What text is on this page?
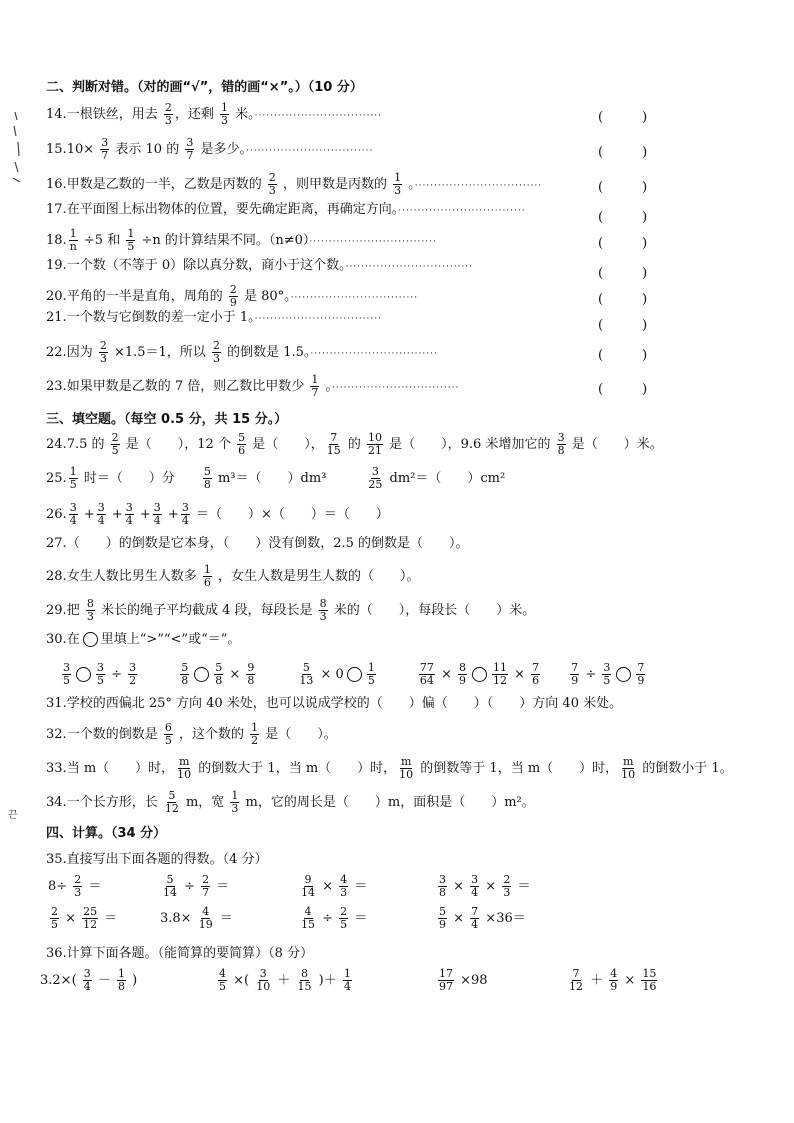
끈
二、判断对错。（对的画“√”，错的画“×”。）（10 分）
14.一根铁丝，用去 $\frac{2}{3}$ ，还剩 $\frac{1}{3}$ 米。·································	(　　　)
$15.10\times \frac{3}{7}$ 表示 10 的 $\frac{3}{7}$ 是多少。·································	(　　　)
16.甲数是乙数的一半，乙数是丙数的 $\frac{2}{3}$ ，则甲数是丙数的 $\frac{1}{3}$ 。·································	(　　　)
17.在平面图上标出物体的位置，要先确定距离，再确定方向。·································	(　　　)
18. $\frac{1}{n} \div 5$ 和 $\frac{1}{5} \div n$ 的计算结果不同。（n≠0）·································	(　　　)
19.一个数（不等于 0）除以真分数，商小于这个数。·································	(　　　)
20.平角的一半是直角，周角的 $\frac{2}{9}$ 是 80°。·································	(　　　)
21.一个数与它倒数的差一定小于 1。·································	(　　　)
22.因为 $\frac{2}{3} \times 1.5=1$，所以 $\frac{2}{3}$ 的倒数是 1.5。·································	(　　　)
23.如果甲数是乙数的 7 倍，则乙数比甲数少 $\frac{1}{7}$ 。·································	(　　　)
三、填空题。（每空 0.5 分，共 15 分。）
24.7.5 的 $\frac{2}{5}$ 是（　　），12 个 $\frac{5}{6}$ 是（　　）， $\frac{7}{15}$ 的 $\frac{10}{21}$ 是（　　），9.6 米增加它的 $\frac{3}{8}$ 是（　　）米。
25. $\frac{1}{5}$ 时＝（　　）分　　 $\frac{5}{8} m^3=$（　　）dm³　　　 $\frac{3}{25} dm^2=$（　　）cm²
26. $\frac{3}{4} + \frac{3}{4} + \frac{3}{4} + \frac{3}{4} + \frac{3}{4}$ ＝（　　）×（　　）＝（　　）
27.（　　）的倒数是它本身，（　　）没有倒数，2.5 的倒数是（　　）。
28.女生人数比男生人数多 $\frac{1}{6}$ ，女生人数是男生人数的（　　）。
29.把 $\frac{8}{3}$ 米长的绳子平均截成 4 段，每段长是 $\frac{8}{3}$ 米的（　　），每段长（　　）米。
30.在 里填上“>”“<”或“＝”。
$\frac{3}{5} \frac{3}{5} \div \frac{3}{2}$
　　　	$\frac{5}{8} \frac{5}{8} \times \frac{9}{8}$
　　　	$\frac{5}{13} \times 0 \frac{1}{5}$
　　　	$\frac{77}{64} \times \frac{8}{9} \frac{11}{12} \times \frac{7}{6}$
　　	$\frac{7}{9} \div \frac{3}{5} \frac{7}{9}$
31.学校的西偏北 25° 方向 40 米处，也可以说成学校的（　　）偏（　　）（　　）方向 40 米处。
32.一个数的倒数是 $\frac{6}{5}$ ，这个数的 $\frac{1}{2}$ 是（　　）。
33.当 m（　　）时， $\frac{m}{10}$ 的倒数大于 1，当 m（　　）时， $\frac{m}{10}$ 的倒数等于 1，当 m（　　）时， $\frac{m}{10}$ 的倒数小于 1。
34.一个长方形，长 $\frac{5}{12}$ m，宽 $\frac{1}{3}$ m，它的周长是（　　）m，面积是（　　）m²。
四、计算。（34 分）
35.直接写出下面各题的得数。（4 分）
$8\div \frac{2}{3}$ ＝	$\frac{5}{14} \div \frac{2}{7}$ ＝	$\frac{9}{14} \times \frac{4}{3}$ ＝	$\frac{3}{8} \times \frac{3}{4} \times \frac{2}{3}$ ＝
$\frac{2}{5} \times \frac{25}{12}$ ＝	$3.8\times \frac{4}{19}$ ＝	$\frac{4}{15} \div \frac{2}{5}$ ＝	$\frac{5}{9} \times \frac{7}{4} \times 36=$
$3.2\times( \frac{3}{4} - \frac{1}{8}$ )	$\frac{4}{5}$ ×( $\frac{3}{10} + \frac{8}{15}$ )＋ $\frac{1}{4}$	$\frac{17}{97} \times 98$	$\frac{7}{12} + \frac{4}{9} \times \frac{15}{16}$
36.计算下面各题。（能简算的要简算）（8 分）
